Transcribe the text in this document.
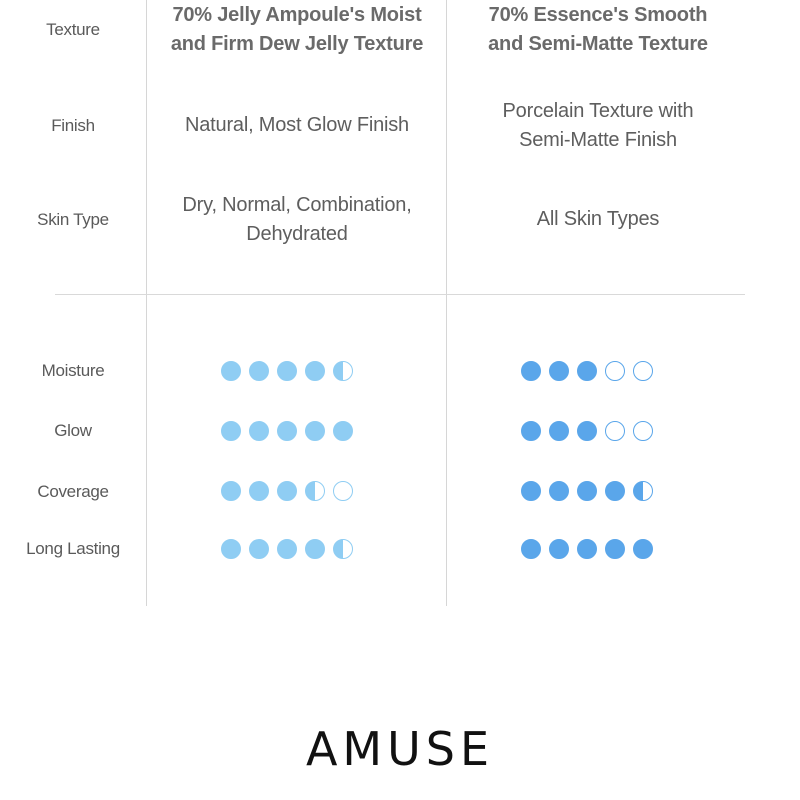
Texture
Finish
Skin Type
Moisture
Glow
Coverage
Long Lasting
70% Jelly Ampoule's Moist and Firm Dew Jelly Texture
Natural, Most Glow Finish
Dry, Normal, Combination, Dehydrated
70% Essence's Smooth and Semi-Matte Texture
Porcelain Texture with Semi-Matte Finish
All Skin Types
AMUSE
